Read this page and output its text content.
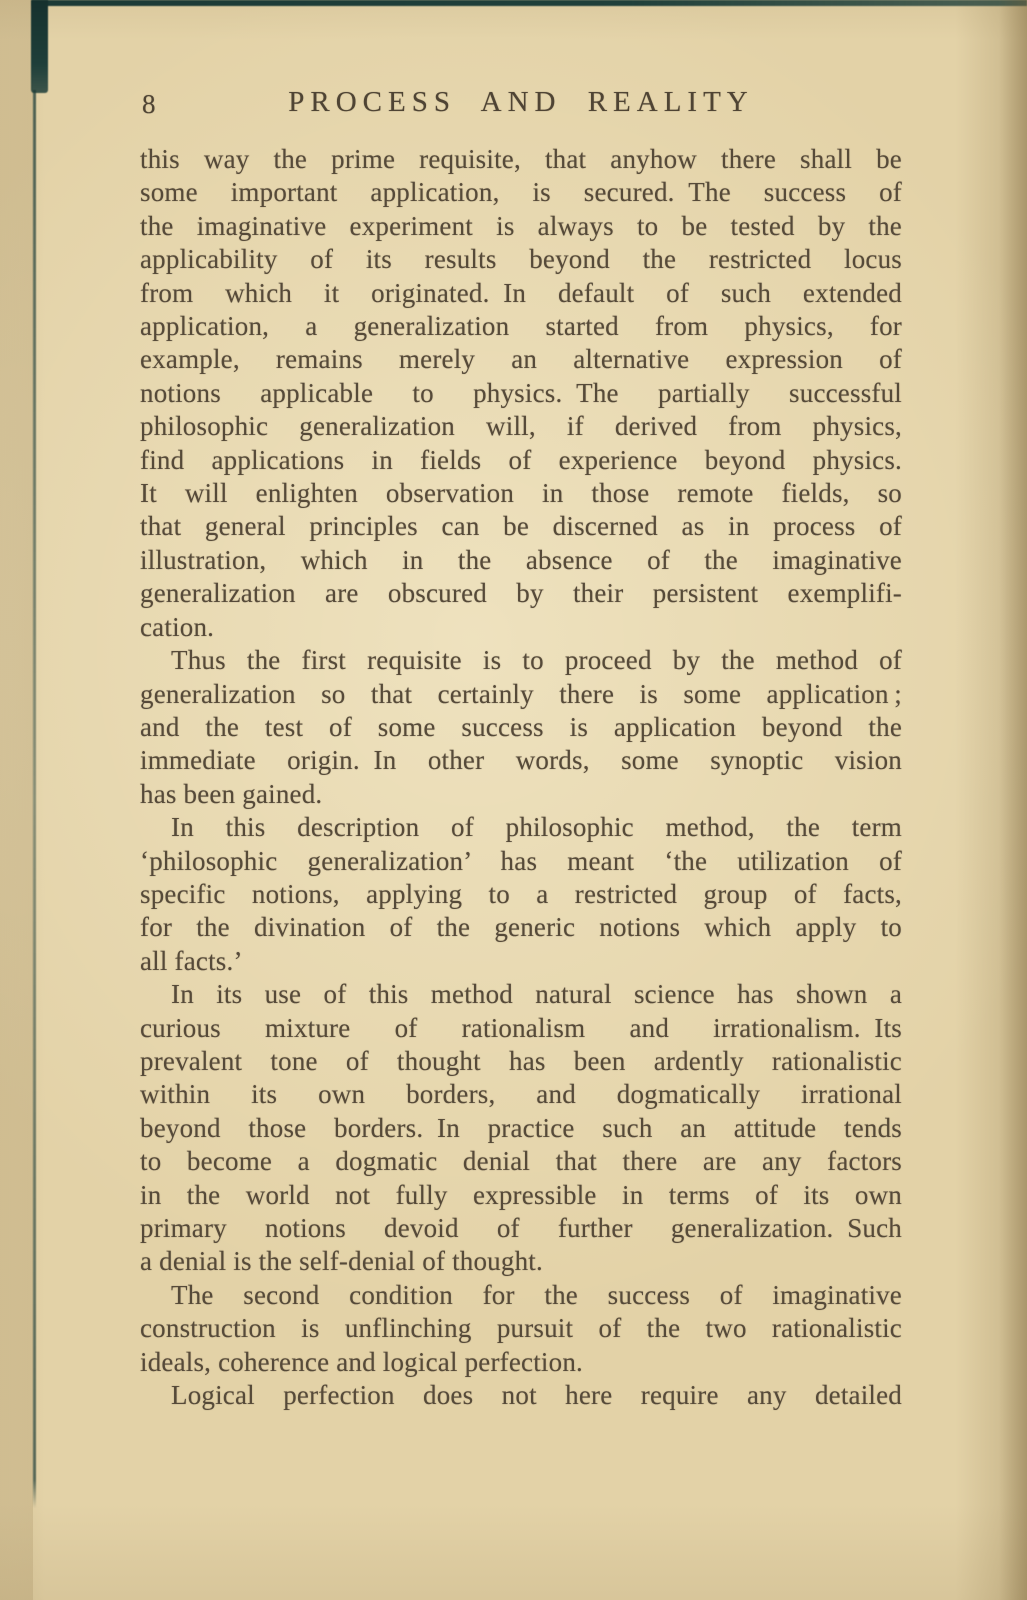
8	PROCESS AND REALITY
this way the prime requisite, that anyhow there shall be
some important application, is secured. The success of
the imaginative experiment is always to be tested by the
applicability of its results beyond the restricted locus
from which it originated. In default of such extended
application, a generalization started from physics, for
example, remains merely an alternative expression of
notions applicable to physics. The partially successful
philosophic generalization will, if derived from physics,
find applications in fields of experience beyond physics.
It will enlighten observation in those remote fields, so
that general principles can be discerned as in process of
illustration, which in the absence of the imaginative
generalization are obscured by their persistent exemplifi-
cation.
Thus the first requisite is to proceed by the method of
generalization so that certainly there is some application ;
and the test of some success is application beyond the
immediate origin. In other words, some synoptic vision
has been gained.
In this description of philosophic method, the term
‘philosophic generalization’ has meant ‘the utilization of
specific notions, applying to a restricted group of facts,
for the divination of the generic notions which apply to
all facts.’
In its use of this method natural science has shown a
curious mixture of rationalism and irrationalism. Its
prevalent tone of thought has been ardently rationalistic
within its own borders, and dogmatically irrational
beyond those borders. In practice such an attitude tends
to become a dogmatic denial that there are any factors
in the world not fully expressible in terms of its own
primary notions devoid of further generalization. Such
a denial is the self-denial of thought.
The second condition for the success of imaginative
construction is unflinching pursuit of the two rationalistic
ideals, coherence and logical perfection.
Logical perfection does not here require any detailed
